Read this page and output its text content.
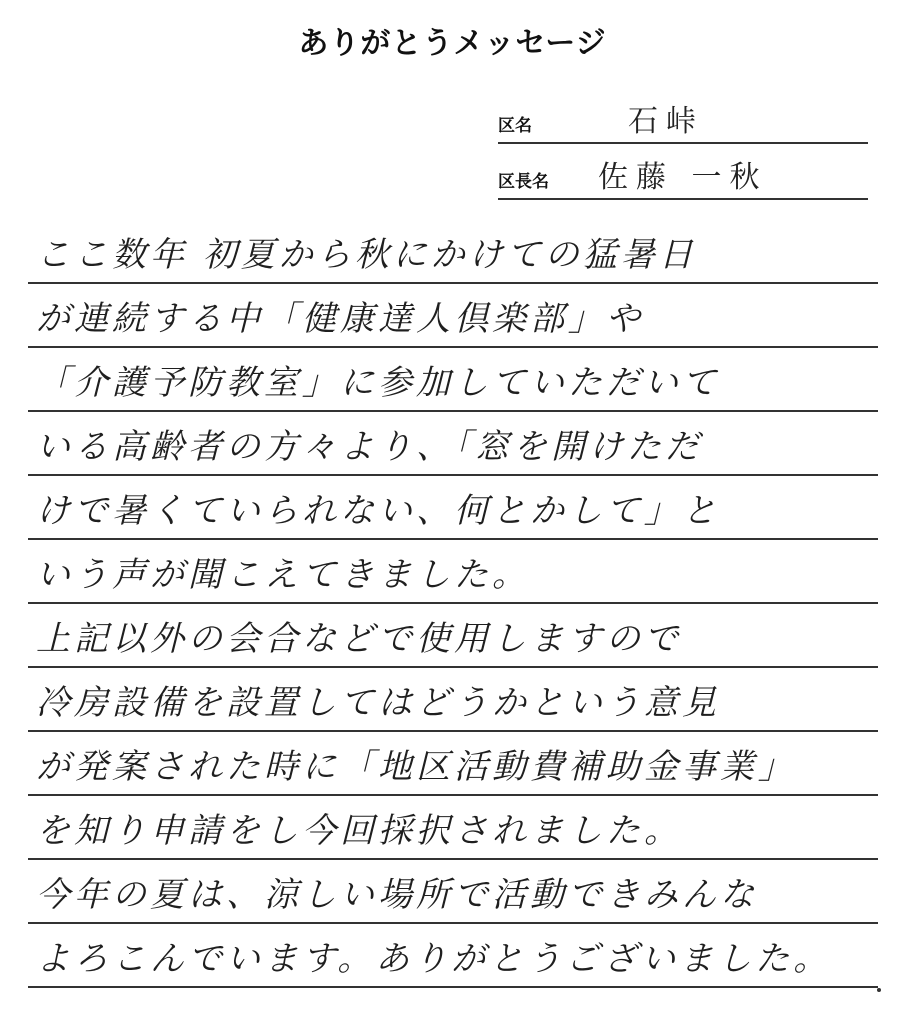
ありがとうメッセージ
区名	石峠
区長名 佐藤 一秋
ここ数年 初夏から秋にかけての猛暑日
が連続する中「健康達人倶楽部」や
「介護予防教室」に参加していただいて
いる高齢者の方々より、「窓を開けただ
けで暑くていられない、何とかして」と
いう声が聞こえてきました。
上記以外の会合などで使用しますので
冷房設備を設置してはどうかという意見
が発案された時に「地区活動費補助金事業」
を知り申請をし今回採択されました。
今年の夏は、涼しい場所で活動できみんな
よろこんでいます。ありがとうございました。
